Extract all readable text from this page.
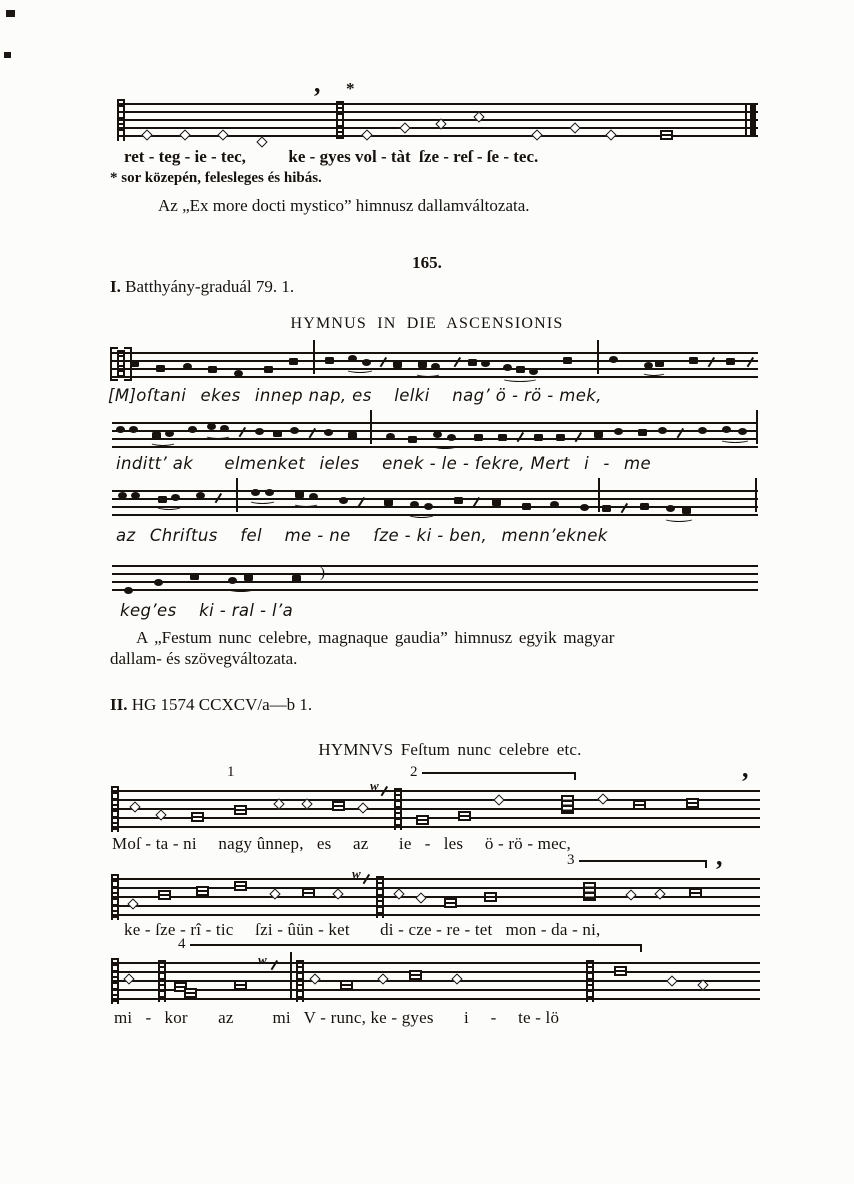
, *
ret - teg - ie - tec,   ke - gyes vol - tàt ſze - reſ - ſe - tec.
[M]oſtani  ekes  innep nap, es  lelki  nag’ ö - rö - mek,
inditt’ ak   elmenket  ieles  enek - le - ſekre, Mert  i  -  me
az  Chriſtus  fel  me - ne  ſze - ki - ben,  menn’eknek
)
keg’es  ki - ral - l’a
w
1	2	,
Moſ - ta - ni  nagy ûnnep,  es  az   ie  -  les  ö - rö - mec,
w
3	,
ke - ſze - rî - tic  ſzi - ûün - ket   di - cze - re - tet  mon - da - ni,
w
4
mi  -  kor   az   mi  V - runc, ke - gyes   i  -  te - lö
* sor közepén, felesleges és hibás.

Az „Ex more docti mystico” himnusz dallamváltozata.

165.
I. Batthyány-graduál 79. 1.
HYMNUS IN DIE ASCENSIONIS
A „Festum nunc celebre, magnaque gaudia” himnusz egyik magyar
dallam- és szövegváltozata.
II. HG 1574 CCXCV/a—b 1.
HYMNVS Feſtum nunc celebre etc.
